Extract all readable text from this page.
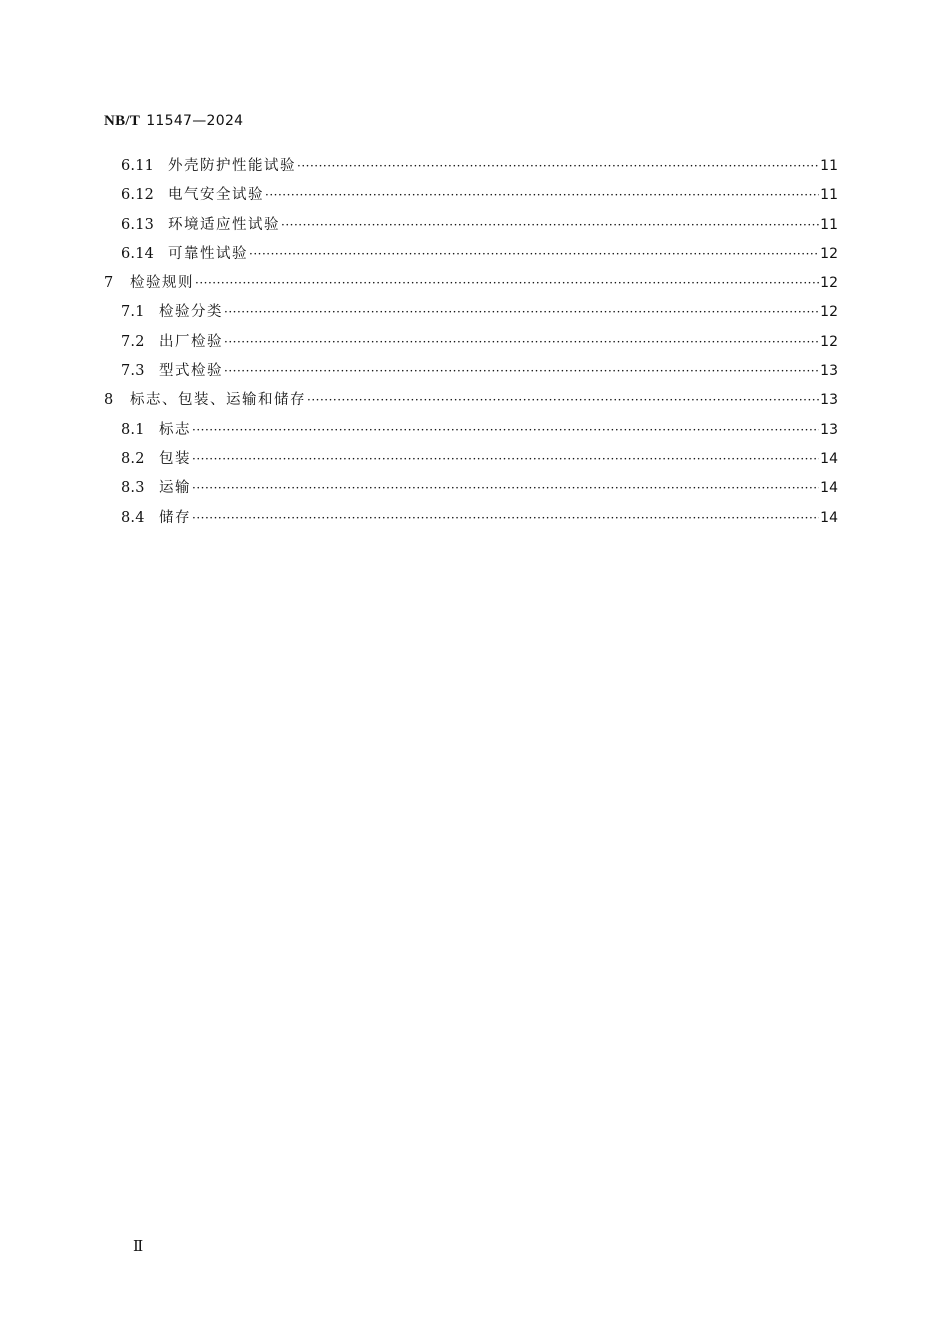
NB/T 11547—2024
6.11 外壳防护性能试验 ·····	11
6.12 电气安全试验 ·····	11
6.13 环境适应性试验 ·····	11
6.14 可靠性试验 ·····	12
7	检验规则 ·····	12
7.1 检验分类 ·····	12
7.2 出厂检验 ·····	12
7.3 型式检验 ·····	13
8	标志、包装、运输和储存 ·····	13
8.1 标志 ·····	13
8.2 包装 ·····	14
8.3 运输 ·····	14
8.4 储存 ·····	14
Ⅱ
